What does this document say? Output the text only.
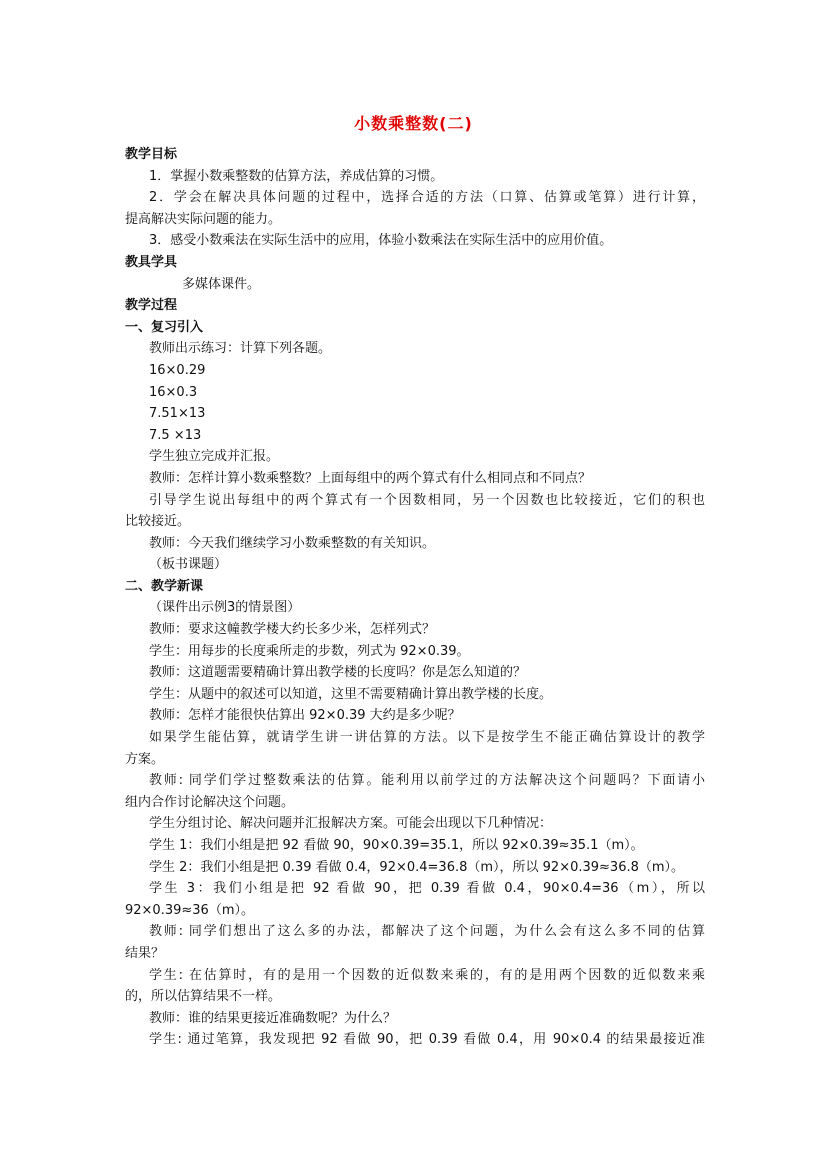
小数乘整数(二)
教学目标
1．掌握小数乘整数的估算方法，养成估算的习惯。
2．学会在解决具体问题的过程中，选择合适的方法（口算、估算或笔算）进行计算，
提高解决实际问题的能力。
3．感受小数乘法在实际生活中的应用，体验小数乘法在实际生活中的应用价值。
教具学具
多媒体课件。
教学过程
一、复习引入
教师出示练习：计算下列各题。
16×0.29
16×0.3
7.51×13
7.5 ×13
学生独立完成并汇报。
教师：怎样计算小数乘整数？上面每组中的两个算式有什么相同点和不同点？
引导学生说出每组中的两个算式有一个因数相同，另一个因数也比较接近，它们的积也
比较接近。
教师：今天我们继续学习小数乘整数的有关知识。
（板书课题）
二、教学新课
（课件出示例3的情景图）
教师：要求这幢教学楼大约长多少米，怎样列式？
学生：用每步的长度乘所走的步数，列式为 92×0.39。
教师：这道题需要精确计算出教学楼的长度吗？你是怎么知道的？
学生：从题中的叙述可以知道，这里不需要精确计算出教学楼的长度。
教师：怎样才能很快估算出 92×0.39 大约是多少呢？
如果学生能估算，就请学生讲一讲估算的方法。以下是按学生不能正确估算设计的教学
方案。
教师: 同学们学过整数乘法的估算。能利用以前学过的方法解决这个问题吗？下面请小
组内合作讨论解决这个问题。
学生分组讨论、解决问题并汇报解决方案。可能会出现以下几种情况：
学生 1：我们小组是把 92 看做 90，90×0.39=35.1，所以 92×0.39≈35.1（m）。
学生 2：我们小组是把 0.39 看做 0.4，92×0.4=36.8（m），所以 92×0.39≈36.8（m）。
学生 3：我们小组是把 92 看做 90，把 0.39 看做 0.4，90×0.4=36（m），所以
92×0.39≈36（m）。
教师: 同学们想出了这么多的办法，都解决了这个问题，为什么会有这么多不同的估算
结果？
学生: 在估算时，有的是用一个因数的近似数来乘的，有的是用两个因数的近似数来乘
的，所以估算结果不一样。
教师：谁的结果更接近准确数呢？为什么？
学生: 通过笔算，我发现把 92 看做 90，把 0.39 看做 0.4，用 90×0.4 的结果最接近准
